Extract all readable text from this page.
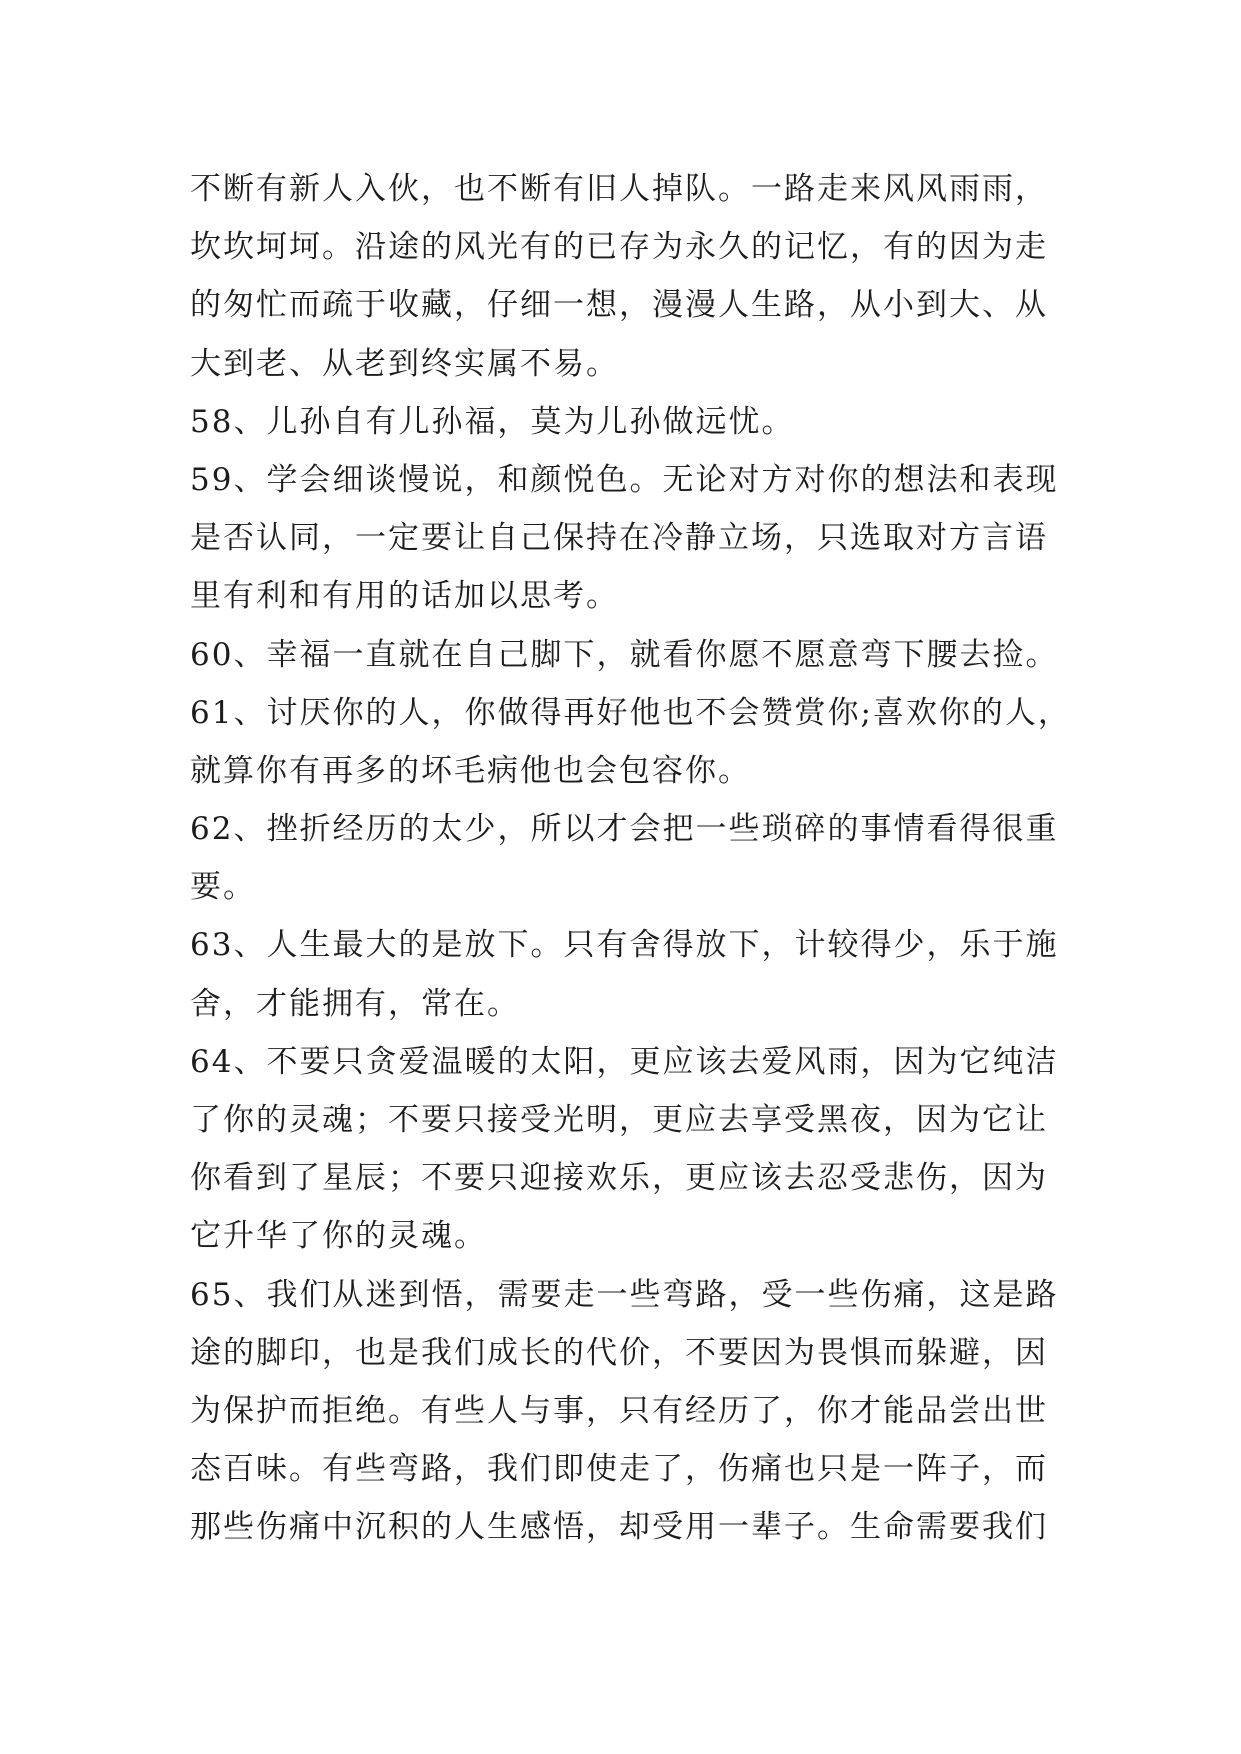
不断有新人入伙，也不断有旧人掉队。一路走来风风雨雨，
坎坎坷坷。沿途的风光有的已存为永久的记忆，有的因为走
的匆忙而疏于收藏，仔细一想，漫漫人生路，从小到大、从
大到老、从老到终实属不易。
58、儿孙自有儿孙福，莫为儿孙做远忧。
59、学会细谈慢说，和颜悦色。无论对方对你的想法和表现
是否认同，一定要让自己保持在冷静立场，只选取对方言语
里有利和有用的话加以思考。
60、幸福一直就在自己脚下，就看你愿不愿意弯下腰去捡。
61、讨厌你的人，你做得再好他也不会赞赏你;喜欢你的人，
就算你有再多的坏毛病他也会包容你。
62、挫折经历的太少，所以才会把一些琐碎的事情看得很重
要。
63、人生最大的是放下。只有舍得放下，计较得少，乐于施
舍，才能拥有，常在。
64、不要只贪爱温暖的太阳，更应该去爱风雨，因为它纯洁
了你的灵魂；不要只接受光明，更应去享受黑夜，因为它让
你看到了星辰；不要只迎接欢乐，更应该去忍受悲伤，因为
它升华了你的灵魂。
65、我们从迷到悟，需要走一些弯路，受一些伤痛，这是路
途的脚印，也是我们成长的代价，不要因为畏惧而躲避，因
为保护而拒绝。有些人与事，只有经历了，你才能品尝出世
态百味。有些弯路，我们即使走了，伤痛也只是一阵子，而
那些伤痛中沉积的人生感悟，却受用一辈子。生命需要我们
